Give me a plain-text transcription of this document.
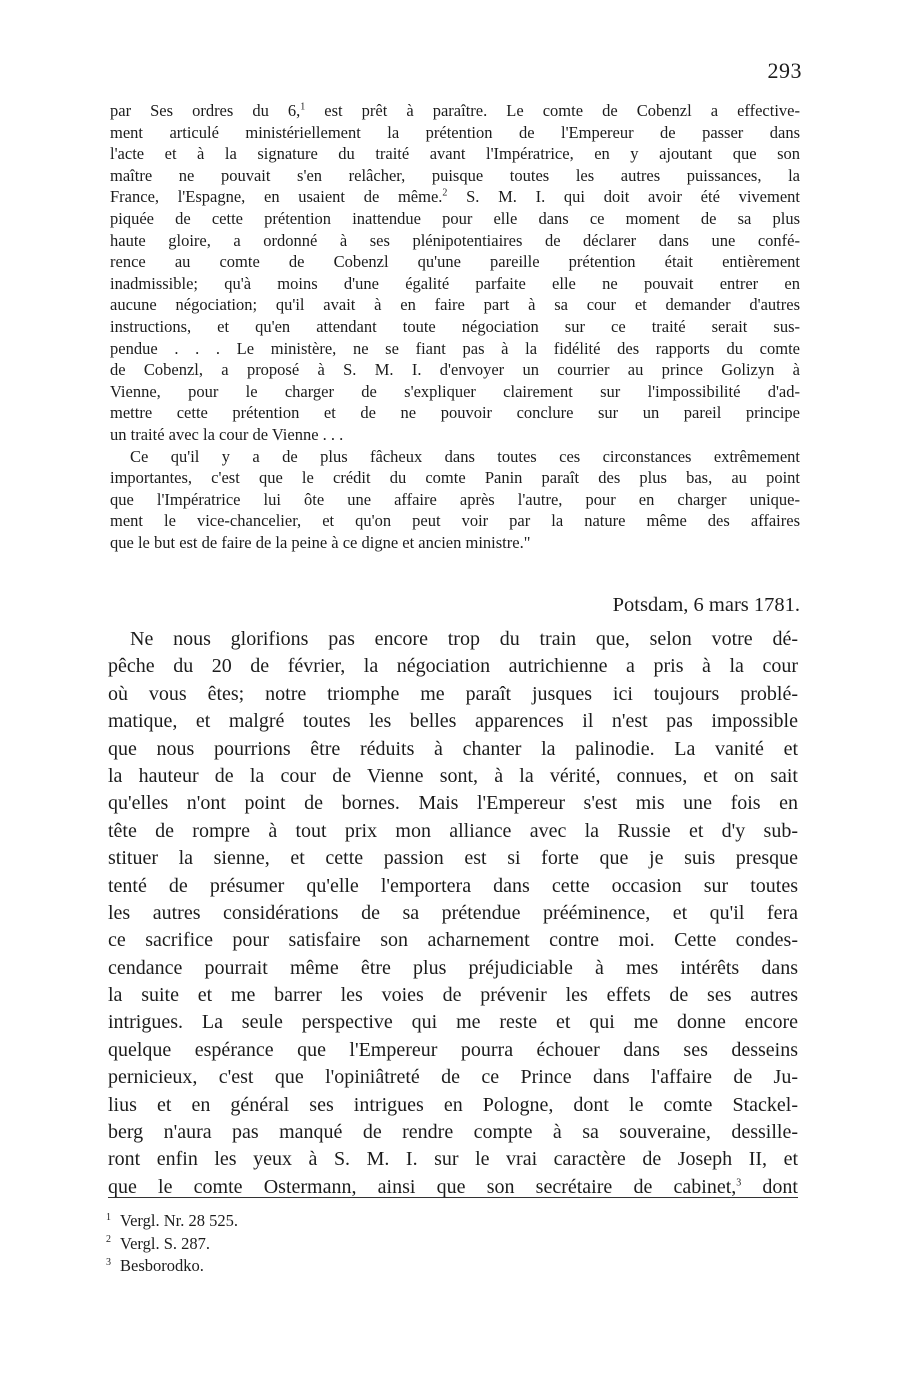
293
par Ses ordres du 6,$^1$ est prêt à paraître. Le comte de Cobenzl a effective-
ment articulé ministériellement la prétention de l'Empereur de passer dans
l'acte et à la signature du traité avant l'Impératrice, en y ajoutant que son
maître ne pouvait s'en relâcher, puisque toutes les autres puissances, la
France, l'Espagne, en usaient de même.$^2$ S. M. I. qui doit avoir été vivement
piquée de cette prétention inattendue pour elle dans ce moment de sa plus
haute gloire, a ordonné à ses plénipotentiaires de déclarer dans une confé-
rence au comte de Cobenzl qu'une pareille prétention était entièrement
inadmissible; qu'à moins d'une égalité parfaite elle ne pouvait entrer en
aucune négociation; qu'il avait à en faire part à sa cour et demander d'autres
instructions, et qu'en attendant toute négociation sur ce traité serait sus-
pendue . . . Le ministère, ne se fiant pas à la fidélité des rapports du comte
de Cobenzl, a proposé à S. M. I. d'envoyer un courrier au prince Golizyn à
Vienne, pour le charger de s'expliquer clairement sur l'impossibilité d'ad-
mettre cette prétention et de ne pouvoir conclure sur un pareil principe
un traité avec la cour de Vienne . . .
Ce qu'il y a de plus fâcheux dans toutes ces circonstances extrêmement
importantes, c'est que le crédit du comte Panin paraît des plus bas, au point
que l'Impératrice lui ôte une affaire après l'autre, pour en charger unique-
ment le vice-chancelier, et qu'on peut voir par la nature même des affaires
que le but est de faire de la peine à ce digne et ancien ministre."
Potsdam, 6 mars 1781.
Ne nous glorifions pas encore trop du train que, selon votre dé-
pêche du 20 de février, la négociation autrichienne a pris à la cour
où vous êtes; notre triomphe me paraît jusques ici toujours problé-
matique, et malgré toutes les belles apparences il n'est pas impossible
que nous pourrions être réduits à chanter la palinodie. La vanité et
la hauteur de la cour de Vienne sont, à la vérité, connues, et on sait
qu'elles n'ont point de bornes. Mais l'Empereur s'est mis une fois en
tête de rompre à tout prix mon alliance avec la Russie et d'y sub-
stituer la sienne, et cette passion est si forte que je suis presque
tenté de présumer qu'elle l'emportera dans cette occasion sur toutes
les autres considérations de sa prétendue prééminence, et qu'il fera
ce sacrifice pour satisfaire son acharnement contre moi. Cette condes-
cendance pourrait même être plus préjudiciable à mes intérêts dans
la suite et me barrer les voies de prévenir les effets de ses autres
intrigues. La seule perspective qui me reste et qui me donne encore
quelque espérance que l'Empereur pourra échouer dans ses desseins
pernicieux, c'est que l'opiniâtreté de ce Prince dans l'affaire de Ju-
lius et en général ses intrigues en Pologne, dont le comte Stackel-
berg n'aura pas manqué de rendre compte à sa souveraine, dessille-
ront enfin les yeux à S. M. I. sur le vrai caractère de Joseph II, et
que le comte Ostermann, ainsi que son secrétaire de cabinet,$^3$ dont
1 Vergl. Nr. 28 525.
2 Vergl. S. 287.
3 Besborodko.
